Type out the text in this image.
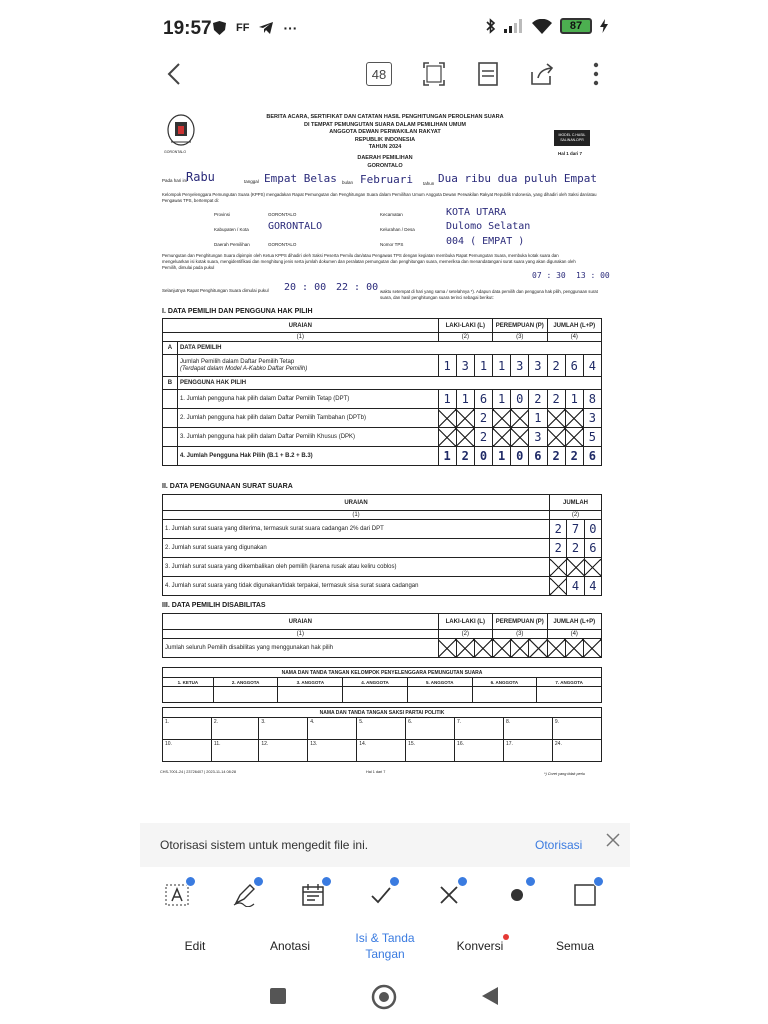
19:57 FF ···	87
48
GORONTALO
BERITA ACARA, SERTIFIKAT DAN CATATAN HASIL PENGHITUNGAN PEROLEHAN SUARA
DI TEMPAT PEMUNGUTAN SUARA DALAM PEMILIHAN UMUM
ANGGOTA DEWAN PERWAKILAN RAKYAT
REPUBLIK INDONESIA
TAHUN 2024
DAERAH PEMILIHAN
GORONTALO
MODEL C.HASIL SALINAN-DPR
Hal 1 dari 7
Pada hari ini
Rabu	tanggal Empat Belas bulan Februari tahun Dua ribu dua puluh Empat
Kelompok Penyelenggara Pemungutan Suara (KPPS) mengadakan Rapat Pemungutan dan Penghitungan Suara dalam Pemilihan Umum Anggota Dewan Perwakilan Rakyat Republik Indonesia, yang dihadiri oleh Saksi dan/atau Pengawas TPS, bertempat di:
Provinsi	GORONTALO
Kabupaten / Kota GORONTALO
Daerah Pemilihan	GORONTALO
Kecamatan	KOTA UTARA
Kelurahan / Desa	Dulomo Selatan
Nomor TPS	004 ( EMPAT )
Pemungutan dan Penghitungan Suara dipimpin oleh Ketua KPPS dihadiri oleh Saksi Peserta Pemilu dan/atau Pengawas TPS dengan kegiatan membuka Rapat Pemungutan Suara, membuka kotak suara dan mengeluarkan isi kotak suara, mengidentifikasi dan menghitung jenis serta jumlah dokumen dan peralatan pemungutan dan penghitungan suara, memeriksa dan menandatangani surat suara yang akan digunakan oleh Pemilih, dimulai pada pukul
07 : 30 13 : 00
Selanjutnya Rapat Penghitungan Suara dimulai pukul 20 : 00 22 : 00 waktu setempat di hari yang sama / setelahnya *). Adapun data pemilih dan pengguna hak pilih, penggunaan surat suara, dan hasil penghitungan suara terinci sebagai berikut:
I. DATA PEMILIH DAN PENGGUNA HAK PILIH
URAIAN		LAKI-LAKI (L)			PEREMPUAN (P)			JUMLAH (L+P)		
(1)		(2)			(3)			(4)		
A	DATA PEMILIH									
	Jumlah Pemilih dalam Daftar Pemilih Tetap
(Terdapat dalam Model A-Kabko Daftar Pemilih)	1	3	1	1	3	3	2	6	4
B	PENGGUNA HAK PILIH									
	1. Jumlah pengguna hak pilih dalam Daftar Pemilih Tetap (DPT)	1	1	6	1	0	2	2	1	8
	2. Jumlah pengguna hak pilih dalam Daftar Pemilih Tambahan (DPTb)			2			1			3
	3. Jumlah pengguna hak pilih dalam Daftar Pemilih Khusus (DPK)			2			3			5
	4. Jumlah Pengguna Hak Pilih (B.1 + B.2 + B.3)	1	2	0	1	0	6	2	2	6
II. DATA PENGGUNAAN SURAT SUARA
URAIAN	JUMLAH		
(1)	(2)		
1. Jumlah surat suara yang diterima, termasuk surat suara cadangan 2% dari DPT	2	7	0
2. Jumlah surat suara yang digunakan	2	2	6
3. Jumlah surat suara yang dikembalikan oleh pemilih (karena rusak atau keliru coblos)			
4. Jumlah surat suara yang tidak digunakan/tidak terpakai, termasuk sisa surat suara cadangan		4	4
III. DATA PEMILIH DISABILITAS
URAIAN	LAKI-LAKI (L)			PEREMPUAN (P)			JUMLAH (L+P)		
(1)	(2)			(3)			(4)		
Jumlah seluruh Pemilih disabilitas yang menggunakan hak pilih									
NAMA DAN TANDA TANGAN KELOMPOK PENYELENGGARA PEMUNGUTAN SUARA						
1. KETUA	2. ANGGOTA	3. ANGGOTA	4. ANGGOTA	5. ANGGOTA	6. ANGGOTA	7. ANGGOTA

NAMA DAN TANDA TANGAN SAKSI PARTAI POLITIK								
1.	2.	3.	4.	5.	6.	7.	8.	9.
10.	11.	12.	13.	14.	15.	16.	17.	24.
CHS-7001-24 | 23726407 | 2023-11-14 08:28	Hal 1 dari 7	*) Coret yang tidak perlu
Otorisasi sistem untuk mengedit file ini.	Otorisasi
Edit	Anotasi
Isi & Tanda Tangan
Konversi	Semua
